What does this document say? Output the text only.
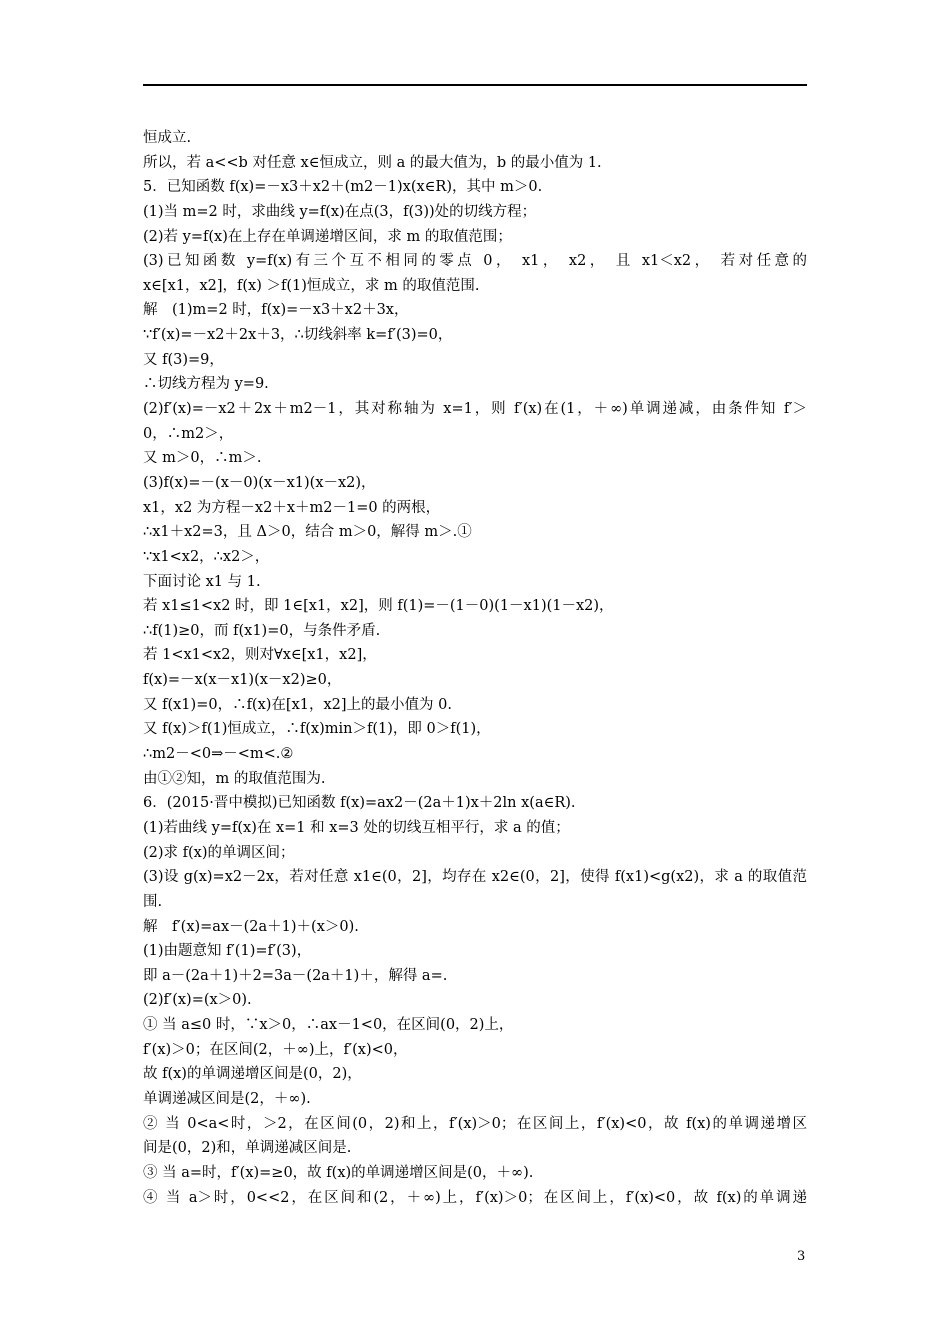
恒成立.
所以，若 a<<b 对任意 x∈恒成立，则 a 的最大值为，b 的最小值为 1.
5．已知函数 f(x)=－x3＋x2＋(m2－1)x(x∈R)，其中 m＞0.
(1)当 m=2 时，求曲线 y=f(x)在点(3，f(3))处的切线方程；
(2)若 y=f(x)在上存在单调递增区间，求 m 的取值范围；
(3)已知函数 y=f(x)有三个互不相同的零点 0， x1， x2， 且 x1＜x2， 若对任意的
x∈[x1，x2]，f(x) ＞f(1)恒成立，求 m 的取值范围.
解　(1)m=2 时，f(x)=－x3＋x2＋3x，
∵f′(x)=－x2＋2x＋3，∴切线斜率 k=f′(3)=0，
又 f(3)=9，
∴切线方程为 y=9.
(2)f′(x)=－x2＋2x＋m2－1，其对称轴为 x=1，则 f′(x)在(1，＋∞)单调递减，由条件知 f′＞
0，∴m2＞，
又 m＞0，∴m＞.
(3)f(x)=－(x－0)(x－x1)(x－x2)，
x1，x2 为方程－x2＋x＋m2－1=0 的两根，
∴x1＋x2=3，且 Δ＞0，结合 m＞0，解得 m＞.①
∵x1<x2，∴x2＞，
下面讨论 x1 与 1.
若 x1≤1<x2 时，即 1∈[x1，x2]，则 f(1)=－(1－0)(1－x1)(1－x2)，
∴f(1)≥0，而 f(x1)=0，与条件矛盾.
若 1<x1<x2，则对∀x∈[x1，x2]，
f(x)=－x(x－x1)(x－x2)≥0，
又 f(x1)=0，∴f(x)在[x1，x2]上的最小值为 0.
又 f(x)＞f(1)恒成立，∴f(x)min＞f(1)，即 0＞f(1)，
∴m2－<0⇒－<m<.②
由①②知，m 的取值范围为.
6．(2015·晋中模拟)已知函数 f(x)=ax2－(2a＋1)x＋2ln x(a∈R).
(1)若曲线 y=f(x)在 x=1 和 x=3 处的切线互相平行，求 a 的值；
(2)求 f(x)的单调区间；
(3)设 g(x)=x2－2x，若对任意 x1∈(0，2]，均存在 x2∈(0，2]，使得 f(x1)<g(x2)，求 a 的取值范
围.
解　f′(x)=ax－(2a＋1)＋(x＞0).
(1)由题意知 f′(1)=f′(3)，
即 a－(2a＋1)＋2=3a－(2a＋1)＋，解得 a=.
(2)f′(x)=(x＞0).
① 当 a≤0 时，∵x＞0，∴ax－1<0，在区间(0，2)上，
f′(x)＞0；在区间(2，＋∞)上，f′(x)<0，
故 f(x)的单调递增区间是(0，2)，
单调递减区间是(2，＋∞).
② 当 0<a<时，＞2，在区间(0，2)和上，f′(x)＞0；在区间上，f′(x)<0，故 f(x)的单调递增区
间是(0，2)和，单调递减区间是.
③ 当 a=时，f′(x)=≥0，故 f(x)的单调递增区间是(0，＋∞).
④ 当 a＞时，0<<2，在区间和(2，＋∞)上，f′(x)＞0；在区间上，f′(x)<0，故 f(x)的单调递
3
